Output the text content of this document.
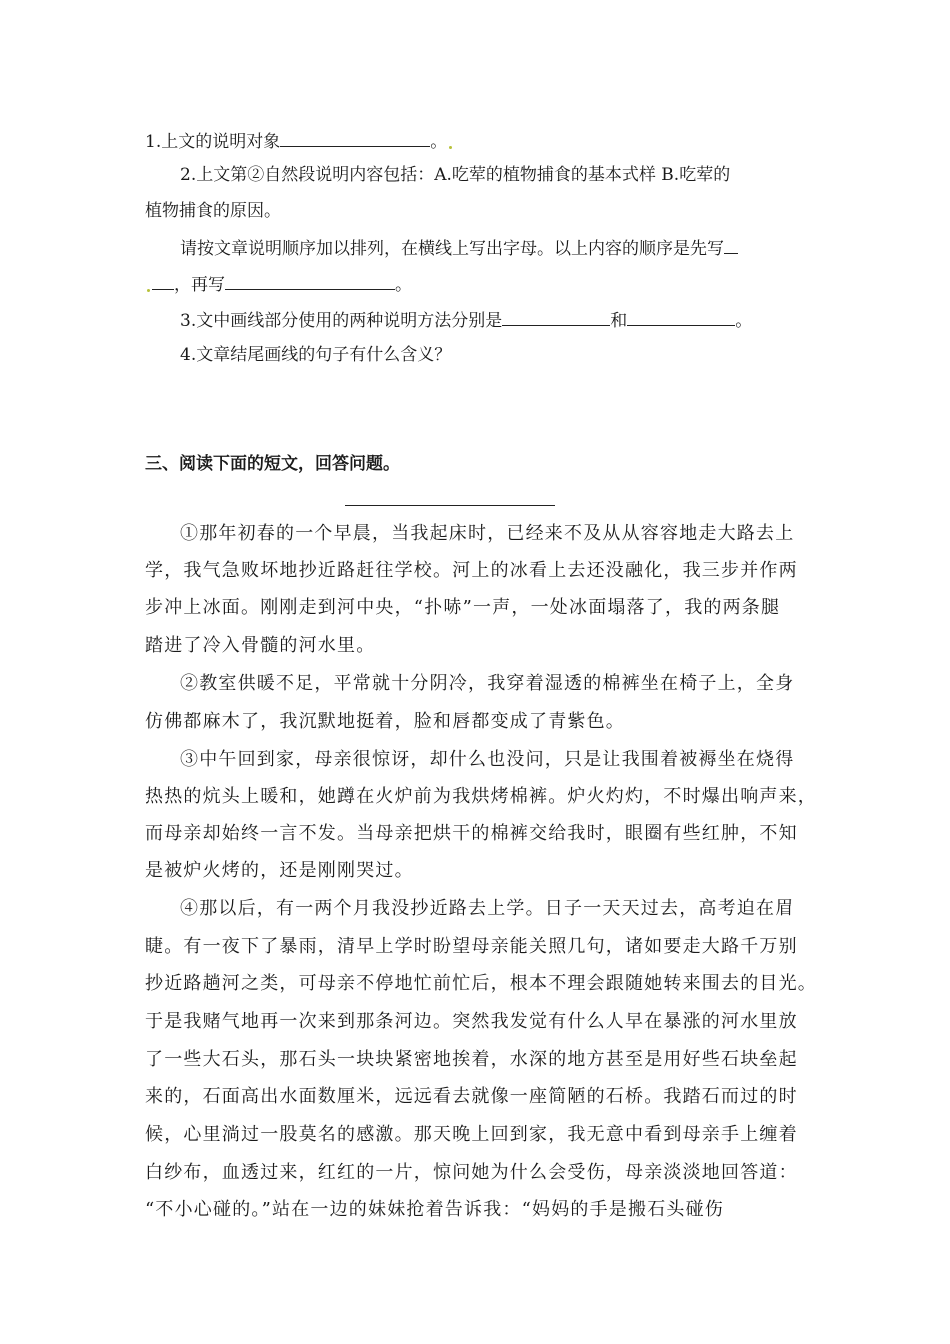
1.上文的说明对象	。
2.上文第②自然段说明内容包括：A.吃荤的植物捕食的基本式样 B.吃荤的
植物捕食的原因。
请按文章说明顺序加以排列，在横线上写出字母。以上内容的顺序是先写
，再写	。
3.文中画线部分使用的两种说明方法分别是	和	。
4.文章结尾画线的句子有什么含义？
三、阅读下面的短文，回答问题。
①那年初春的一个早晨，当我起床时，已经来不及从从容容地走大路去上
学，我气急败坏地抄近路赶往学校。河上的冰看上去还没融化，我三步并作两
步冲上冰面。刚刚走到河中央，“扑哧”一声，一处冰面塌落了，我的两条腿
踏进了冷入骨髓的河水里。
②教室供暖不足，平常就十分阴冷，我穿着湿透的棉裤坐在椅子上，全身
仿佛都麻木了，我沉默地挺着，脸和唇都变成了青紫色。
③中午回到家，母亲很惊讶，却什么也没问，只是让我围着被褥坐在烧得
热热的炕头上暖和，她蹲在火炉前为我烘烤棉裤。炉火灼灼，不时爆出响声来，
而母亲却始终一言不发。当母亲把烘干的棉裤交给我时，眼圈有些红肿，不知
是被炉火烤的，还是刚刚哭过。
④那以后，有一两个月我没抄近路去上学。日子一天天过去，高考迫在眉
睫。有一夜下了暴雨，清早上学时盼望母亲能关照几句，诸如要走大路千万别
抄近路趟河之类，可母亲不停地忙前忙后，根本不理会跟随她转来围去的目光。
于是我赌气地再一次来到那条河边。突然我发觉有什么人早在暴涨的河水里放
了一些大石头，那石头一块块紧密地挨着，水深的地方甚至是用好些石块垒起
来的，石面高出水面数厘米，远远看去就像一座简陋的石桥。我踏石而过的时
候，心里淌过一股莫名的感激。那天晚上回到家，我无意中看到母亲手上缠着
白纱布，血透过来，红红的一片，惊问她为什么会受伤，母亲淡淡地回答道：
“不小心碰的。”站在一边的妹妹抢着告诉我：“妈妈的手是搬石头碰伤
